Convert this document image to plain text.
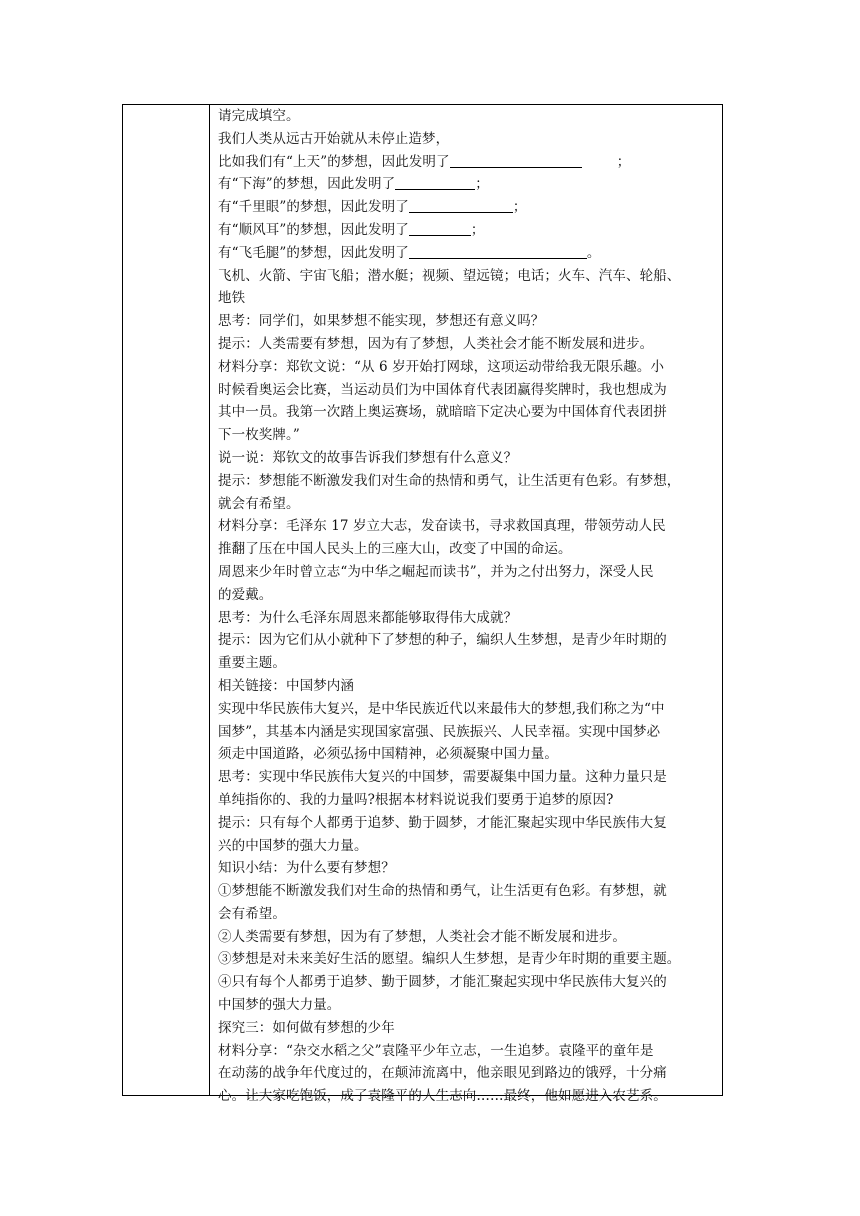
请完成填空。
我们人类从远古开始就从未停止造梦，
比如我们有“上天”的梦想，因此发明了	；
有“下海”的梦想，因此发明了	；
有“千里眼”的梦想，因此发明了	；
有“顺风耳”的梦想，因此发明了	；
有“飞毛腿”的梦想，因此发明了	。
飞机、火箭、宇宙飞船；潜水艇；视频、望远镜；电话；火车、汽车、轮船、
地铁
思考：同学们，如果梦想不能实现，梦想还有意义吗？
提示：人类需要有梦想，因为有了梦想，人类社会才能不断发展和进步。
材料分享：郑钦文说：“从 6 岁开始打网球，这项运动带给我无限乐趣。小
时候看奥运会比赛，当运动员们为中国体育代表团赢得奖牌时，我也想成为
其中一员。我第一次踏上奥运赛场，就暗暗下定决心要为中国体育代表团拼
下一枚奖牌。”
说一说：郑钦文的故事告诉我们梦想有什么意义？
提示：梦想能不断激发我们对生命的热情和勇气，让生活更有色彩。有梦想，
就会有希望。
材料分享：毛泽东 17 岁立大志，发奋读书，寻求救国真理，带领劳动人民
推翻了压在中国人民头上的三座大山，改变了中国的命运。
周恩来少年时曾立志“为中华之崛起而读书”，并为之付出努力，深受人民
的爱戴。
思考：为什么毛泽东周恩来都能够取得伟大成就？
提示：因为它们从小就种下了梦想的种子，编织人生梦想，是青少年时期的
重要主题。
相关链接：中国梦内涵
实现中华民族伟大复兴，是中华民族近代以来最伟大的梦想,我们称之为“中
国梦”，其基本内涵是实现国家富强、民族振兴、人民幸福。实现中国梦必
须走中国道路，必须弘扬中国精神，必须凝聚中国力量。
思考：实现中华民族伟大复兴的中国梦，需要凝集中国力量。这种力量只是
单纯指你的、我的力量吗?根据本材料说说我们要勇于追梦的原因?
提示：只有每个人都勇于追梦、勤于圆梦，才能汇聚起实现中华民族伟大复
兴的中国梦的强大力量。
知识小结：为什么要有梦想？
①梦想能不断激发我们对生命的热情和勇气，让生活更有色彩。有梦想，就
会有希望。
②人类需要有梦想，因为有了梦想，人类社会才能不断发展和进步。
③梦想是对未来美好生活的愿望。编织人生梦想，是青少年时期的重要主题。
④只有每个人都勇于追梦、勤于圆梦，才能汇聚起实现中华民族伟大复兴的
中国梦的强大力量。
探究三：如何做有梦想的少年
材料分享：“杂交水稻之父”袁隆平少年立志，一生追梦。袁隆平的童年是
在动荡的战争年代度过的，在颠沛流离中，他亲眼见到路边的饿殍，十分痛
心。让大家吃饱饭，成了袁隆平的人生志向……最终，他如愿进入农艺系。
